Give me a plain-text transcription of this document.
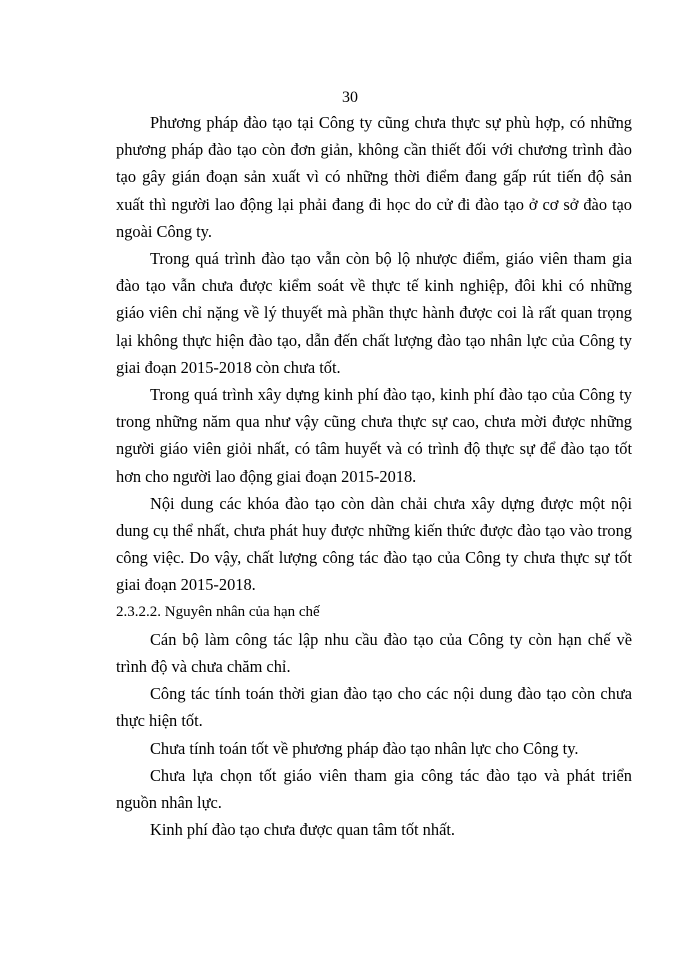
30

Phương pháp đào tạo tại Công ty cũng chưa thực sự phù hợp, có những phương pháp đào tạo còn đơn giản, không cần thiết đối với chương trình đào tạo gây gián đoạn sản xuất vì có những thời điểm đang gấp rút tiến độ sản xuất thì người lao động lại phải đang đi học do cử đi đào tạo ở cơ sở đào tạo ngoài Công ty.

Trong quá trình đào tạo vẫn còn bộ lộ nhược điểm, giáo viên tham gia đào tạo vẫn chưa được kiểm soát về thực tế kinh nghiệp, đôi khi có những giáo viên chỉ nặng về lý thuyết mà phần thực hành được coi là rất quan trọng lại không thực hiện đào tạo, dẫn đến chất lượng đào tạo nhân lực của Công ty giai đoạn 2015-2018 còn chưa tốt.

Trong quá trình xây dựng kinh phí đào tạo, kinh phí đào tạo của Công ty trong những năm qua như vậy cũng chưa thực sự cao, chưa mời được những người giáo viên giỏi nhất, có tâm huyết và có trình độ thực sự để đào tạo tốt hơn cho người lao động giai đoạn 2015-2018.

Nội dung các khóa đào tạo còn dàn chải chưa xây dựng được một nội dung cụ thể nhất, chưa phát huy được những kiến thức được đào tạo vào trong công việc. Do vậy, chất lượng công tác đào tạo của Công ty chưa thực sự tốt giai đoạn 2015-2018.

2.3.2.2. Nguyên nhân của hạn chế

Cán bộ làm công tác lập nhu cầu đào tạo của Công ty còn hạn chế về trình độ và chưa chăm chỉ.

Công tác tính toán thời gian đào tạo cho các nội dung đào tạo còn chưa thực hiện tốt.

Chưa tính toán tốt về phương pháp đào tạo nhân lực cho Công ty.

Chưa lựa chọn tốt giáo viên tham gia công tác đào tạo và phát triển nguồn nhân lực.

Kinh phí đào tạo chưa được quan tâm tốt nhất.
